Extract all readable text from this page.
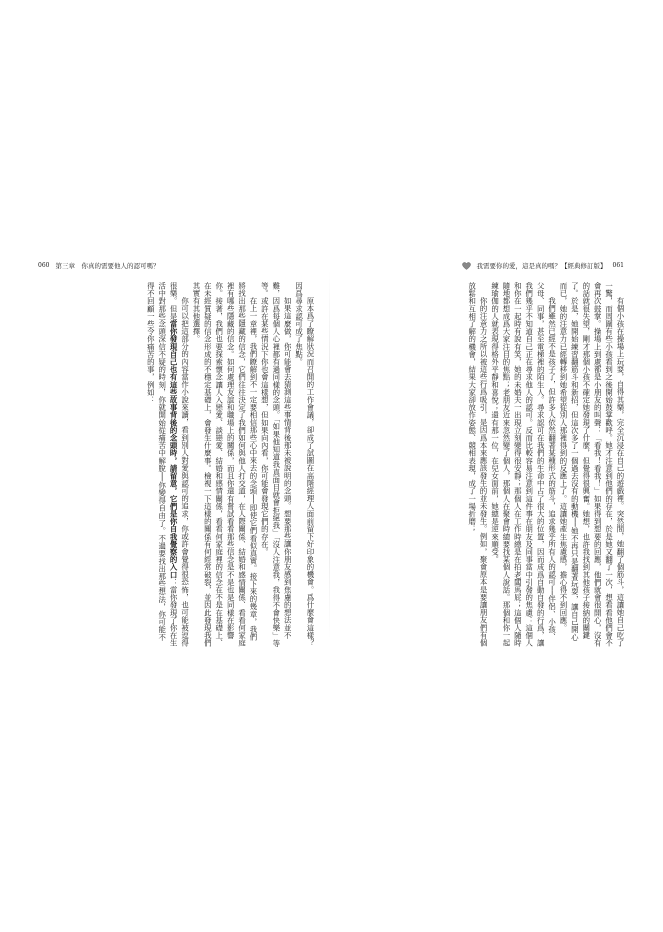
060 第三章　你真的需要他人的認可嗎？

原本爲了瞭解狀況而召開的工作會議，卻成了試圖在高階經理人面前留下好印象的機會。爲什麼會這樣？因爲尋求認可成了焦點。

如果這麼做，你可能會去猜測這些事情背後那未被說明的念頭。想要那些讓你朋友感到焦慮的想法並不難，因爲每個人心裡都有過同樣的念頭。「如果他知道我真面目就會拒絕我」「沒人注意我，我得不會快樂」等等。或許在某些情況下你也會這樣想，但如果向內看，你可能會發現它們的存在。

在上一章裡，我們瞭解到不一定要相信那些心中來去的念頭──即使它們看似真實。接下來的幾章，我們將找出那些隱藏的信念，它們往往決定了我們如何與他人打交道，在人際關係、結婚和感情關係、看看何家庭裡有哪些隱藏的信念。如何處理友誼和職場上的關係，而且你還有嘗試看看那些信念是不是也是同樣在影響你。接著，我們也要探索懷念讓人入戀愛、談戀愛、結婚和感情關係，看看何家庭裡的信念在不是在基礎上、在未經質疑的信念形成的不穩定基礎上，會發生什麼事。檢視一下這樣的關係有何經常破裂，並因此發現我們其實有其他選擇。

你可以把這部分的內容當作小說來讀，看到別人對愛與認可的追求，你或許會覺得很恐怖，也可能被逗得很樂。但是當你發現自己也有這些故事背後的念頭時，請留意，它們是你自我覺察的入口：當你發現了你在生活中對那些念頭深信不疑的時刻，你就開始從痛苦中解脫──你變得自由了。不過要找出那些想法，你可能不得不回顧一些令你痛苦的事，例如：

我需要你的愛，這是真的嗎？【經典修訂版】 061

有個小孩在操場上玩耍，自得其樂，完全沉浸在自己的遊戲裡。突然間，她翻了個筋斗，這讓她自己吃了一驚，而周圍有些小孩看到之後開始鼓掌歡呼。她才注意到他們的存在，於是她又翻了一次，想看看他們會不會再次鼓掌。操場上到處都是小朋友的叫聲：「看我！看我！」如果得到想要的回應，他們就會很開心，沒有的話就很失望，剛才那個小孩不確定她發現了什麼，但覺得很興奮。她想，也許我找到其他孩子接納的關鍵了。於是，她開始練習翻筋斗和新招，但這次多了一個過去沒有的動機──她不再只是翻著玩耍，讓自己開心而已，她的注意力已經轉移到她希望從別人那裡得到的反應上了。這讓她產生焦慮感，擔心得不到回應。

我們雖然已經不是孩子了，但許多人依然翻著某種形式的筋斗，追求幾乎所有人的認可──伴侶、小孩、父母、同事，甚至電梯裡的陌生人。尋求認可在我們的生命中占了很大的位置，因而成爲自動自發的行爲，讓我們幾乎不知道自己正在尋求他人的認可。反而比較容易注意到這件事在朋友及同事當中引發的焦慮：這個人和你在一起時有說有笑，她的未婚夫一出現立刻變得很安靜；那個人在工作時總是在拍老闆馬屁；這個人隨時隨地都想成爲大家注目的焦點；老朋友近來忽然變了個人，那個人在聚會時總要找某個人說話。那個和你一起練瑜伽的人就表現得格外平靜和喜悅；還有那一位，在兒女面前，她總是逆來順受。

你的注意力之所以被這些行爲吸引，是因爲本來應該發生的並未發生。例如，聚會原本是要讓朋友們有個放鬆和互相了解的機會，結果大家卻放作姿態、競相表現，成了一場折磨；
